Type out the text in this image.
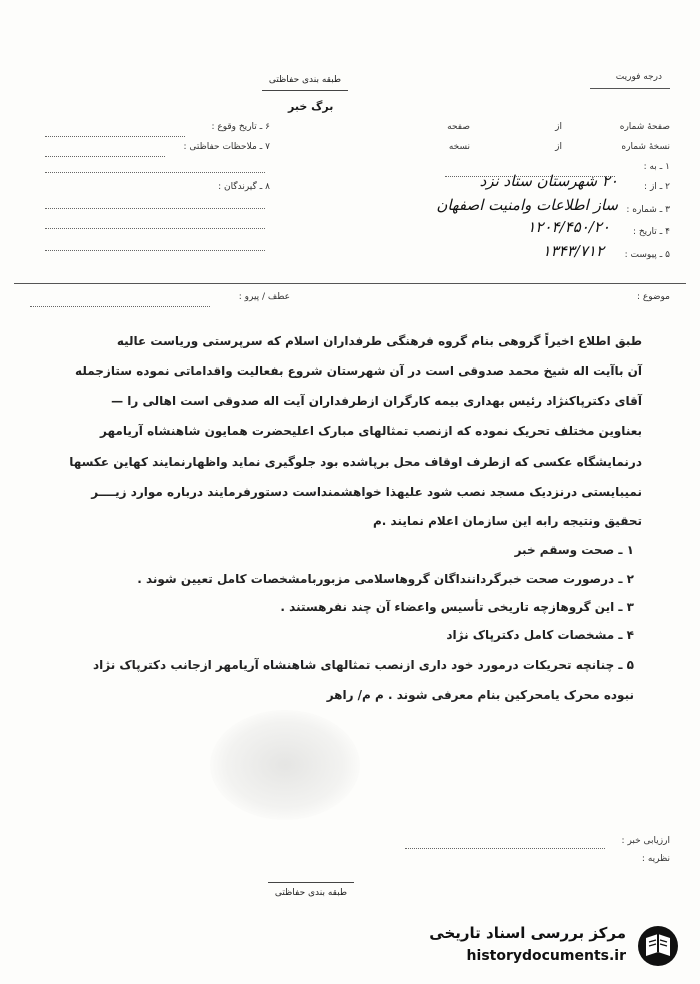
طبقه بندی حفاظتی	درجه فوریت
برگ خبر
صفحهٔ شماره
از
صفحه
نسخهٔ شماره
از
نسخه
۱ ـ به :
۲ ـ از :
۲۰ شهرستان ستاد نزد
۳ ـ شماره :
ساز اطلاعات وامنیت اصفهان
۴ ـ تاریخ :
۱۲۰۴/۴۵۰/۲۰
۵ ـ پیوست :
۱۳۴۳/۷۱۲
۶ ـ تاریخ وقوع :
۷ ـ ملاحظات حفاظتی :
۸ ـ گیرندگان :
موضوع :
عطف / پیرو :
طبق اطلاع اخیراً گروهی بنام گروه فرهنگی طرفداران اسلام که سرپرستی وریاست عالیه
آن باآیت اله شیخ محمد صدوقی است در آن شهرستان شروع بفعالیت واقداماتی نموده ستازجمله
آقای دکترپاکنژاد رئیس بهداری بیمه کارگران ازطرفداران آیت اله صدوقی است اهالی را —
بعناوین مختلف تحریک نموده که ازنصب تمثالهای مبارک اعلیحضرت همایون شاهنشاه آریامهر
درنمایشگاه عکسی که ازطرف اوقاف محل برپاشده بود جلوگیری نماید واظهارنمایند کهاین عکسها
نمیبایستی درنزدیک مسجد نصب شود علیهذا خواهشمنداست دستورفرمایند درباره موارد زیــــر
تحقیق ونتیجه رابه این سازمان اعلام نمایند .م
۱ ـ صحت وسقم خبر
۲ ـ درصورت صحت خبرگرداننداگان گروهاسلامی مزبوربامشخصات کامل تعیین شوند .
۳ ـ این گروهازچه تاریخی تأسیس واعضاء آن چند نفرهستند .
۴ ـ مشخصات کامل دکترپاک نژاد
۵ ـ چنانچه تحریکات درمورد خود داری ازنصب تمثالهای شاهنشاه آریامهر ازجانب دکترپاک نژاد
نبوده محرک یامحرکین بنام معرفی شوند . م م/ راهر
ارزیابی خبر :
نظریه :
طبقه بندی حفاظتی
مرکز بررسی اسناد تاریخی
historydocuments.ir
